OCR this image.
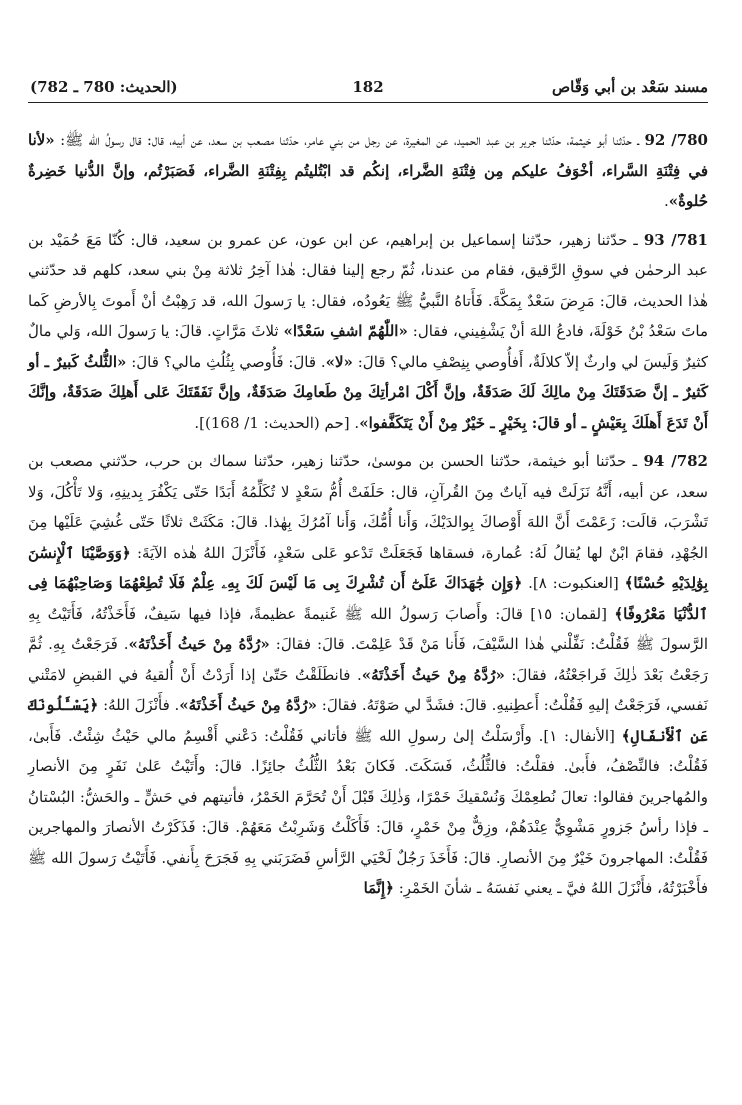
مسند سَعْد بن أبي وَقّاص
182
(الحديث: 780 ـ 782)

780/ 92 ـ حدّثنا أبو خيثمة، حدّثنا جرير بن عبد الحميد، عن المغيرة، عن رجل من بني عامر، حدّثنا مصعب بن سعد، عن أبيه، قال: قال رسولُ الله ﷺ: «لأنا في فِتْنَةِ السَّراء، أخْوَفُ عليكم مِن فِتْنَةِ الضَّراء، إنكُم قد ابْتُليتُم بِفِتْنَةِ الضَّراء، فَصَبَرْتُم، وإنَّ الدُّنيا خَضِرةٌ حُلوةٌ».

781/ 93 ـ حدّثنا زهير، حدّثنا إسماعيل بن إبراهيم، عن ابن عون، عن عمرو بن سعيد، قال: كُنّا مَعَ حُمَيْد بن عبد الرحمٰن في سوقِ الرَّقيق، فقام من عندنا، ثُمّ رجع إلينا فقال: هٰذا آخِرُ ثلاثة مِنْ بني سعد، كلهم قد حدّثني هٰذا الحديث، قالَ: مَرِضَ سَعْدٌ بِمَكَّةَ. فَأَتاهُ النَّبيُّ ﷺ يَعُودُه، فقال: يا رَسولَ الله، قد رَهِبْتُ أنْ أَموتَ بِالأرضِ كَما ماتَ سَعْدُ بْنُ خَوْلَةَ، فادعُ اللهَ أنْ يَشْفِيني، فقال: «اللّٰهُمّ اشفِ سَعْدًا» ثلاثَ مَرَّاتٍ. قالَ: يا رَسولَ الله، وَلي مالٌ كثيرٌ وَلَيسَ لي وارثٌ إلاّ كلالَةٌ، أَفأُوصي بِنِصْفِ مالي؟ قالَ: «لا». قالَ: فَأُوصي بِثُلُثِ مالي؟ قالَ: «الثُّلثُ كَبيرٌ ـ أو كَثيرٌ ـ إنَّ صَدَقَتَكَ مِنْ مالِكَ لَكَ صَدَقَةٌ، وإنَّ أَكْلَ امْرأتِكَ مِنْ طَعامِكَ صَدَقَةٌ، وإنَّ نَفَقَتَكَ عَلى أَهلِكَ صَدَقَةٌ، وإنَّكَ أَنْ تَدَعَ أَهلَكَ بِعَيْشٍ ـ أو قالَ: بِخَيْرٍ ـ خَيْرٌ مِنْ أَنْ يَتَكَفَّفوا». [حم (الحديث: 1/ 168)].

782/ 94 ـ حدّثنا أبو خيثمة، حدّثنا الحسن بن موسىٰ، حدّثنا زهير، حدّثنا سماك بن حرب، حدّثني مصعب بن سعد، عن أبيه، أَنَّهُ نَزَلَتْ فيه آياتٌ مِنَ القُرآنِ، قال: حَلَفَتْ أُمُّ سَعْدٍ لا تُكَلِّمُهُ أَبَدًا حَتّى يَكْفُرَ بِدينِهِ، وَلا تَأْكُلَ، وَلا تَشْرَبَ، قالَت: زَعَمْتَ أَنَّ اللهَ أَوْصاكَ بِوالدَيْكَ، وَأَنا أُمُّكَ، وَأَنا آمُرُكَ بِهٰذا. قالَ: مَكَثَتْ ثلاثًا حَتّى غُشِيَ عَلَيْها مِنَ الجُهْدِ، فقامَ ابْنٌ لها يُقالُ لَهُ: عُمارة، فسقاها فَجَعَلَتْ تَدْعو عَلى سَعْدٍ، فَأَنْزَلَ اللهُ هٰذه الآيَةَ: ﴿وَوَصَّيْنَا ٱلْإِنسَٰنَ بِوَٰلِدَيْهِ حُسْنًا﴾ [العنكبوت: ٨]. ﴿وَإِن جَٰهَدَاكَ عَلَىٰٓ أَن تُشْرِكَ بِى مَا لَيْسَ لَكَ بِهِۦ عِلْمٌ فَلَا تُطِعْهُمَا وَصَاحِبْهُمَا فِى ٱلدُّنْيَا مَعْرُوفًا﴾ [لقمان: ١٥] قالَ: وأَصابَ رَسولُ الله ﷺ غَنيمةً عظيمةً، فإذا فيها سَيفٌ، فَأَخَذْتُهُ، فَأَتَيْتُ بِهِ الرَّسولَ ﷺ فَقُلْتُ: نَفِّلْني هٰذا السَّيْفَ، فَأَنا مَنْ قَدْ عَلِمْتَ. قالَ: فقالَ: «رُدَّهُ مِنْ حَيثُ أَخَذْتَهُ». فَرَجَعْتُ بِهِ. ثُمَّ رَجَعْتُ بَعْدَ ذٰلِكَ فَراجَعْتُهُ، فقالَ: «رُدَّهُ مِنْ حَيثُ أَخَذْتَهُ». فانطَلَقْتُ حَتّىٰ إذا أَرَدْتُ أَنْ أُلقيهُ في القبضِ لامَتْني نَفسي، فَرَجَعْتُ إليهِ فَقُلْتُ: أَعطِنيهِ. قالَ: فشَدَّ لي صَوْتَهُ. فقالَ: «رُدَّهُ مِنْ حَيثُ أَخَذْتَهُ». فأَنْزَلَ اللهُ: ﴿يَسْـَٔلُونَكَ عَنِ ٱلْأَنفَالِ﴾ [الأنفال: ١]. وأَرْسَلْتُ إلىٰ رسولِ الله ﷺ فأتاني فَقُلْتُ: دَعْني أَقْسِمُ مالي حَيْثُ شِئْتُ. فَأَبىٰ، فَقُلْتُ: فالنِّصْفُ، فأَبىٰ. فقلْتُ: فالثُّلُثُ، فَسَكَتَ. فَكانَ بَعْدُ الثُّلُثُ جائِزًا. قالَ: وأَتَيْتُ عَلىٰ نَفَرٍ مِنَ الأنصارِ والمُهاجرينَ فقالوا: تعالَ نُطعِمْكَ وَنُسْقيكَ خَمْرًا، وَذٰلِكَ قَبْلَ أَنْ تُحَرَّمَ الخَمْرُ، فأتيتهم في حَشٍّ ـ والحَشُّ: البُسْتانُ ـ فإذا رأسُ جَزورٍ مَشْوِيٌّ عِنْدَهُمْ، وزِقٌّ مِنْ خَمْرٍ، قالَ: فَأَكَلْتُ وَشَرِبْتُ مَعَهُمْ. قالَ: فَذَكَرْتُ الأنصارَ والمهاجرين فَقُلْتُ: المهاجرونَ خَيْرٌ مِنَ الأنصارِ. قالَ: فَأَخَذَ رَجُلٌ لَحْيَي الرَّأسِ فَضَرَبَني بِهِ فَجَرَحَ بِأَنفي. فَأَتَيْتُ رَسولَ الله ﷺ فأَخْبَرْتُهُ، فأَنْزَلَ اللهُ فيَّ ـ يعني نَفسَهُ ـ شأنَ الخَمْرِ: ﴿إِنَّمَا
